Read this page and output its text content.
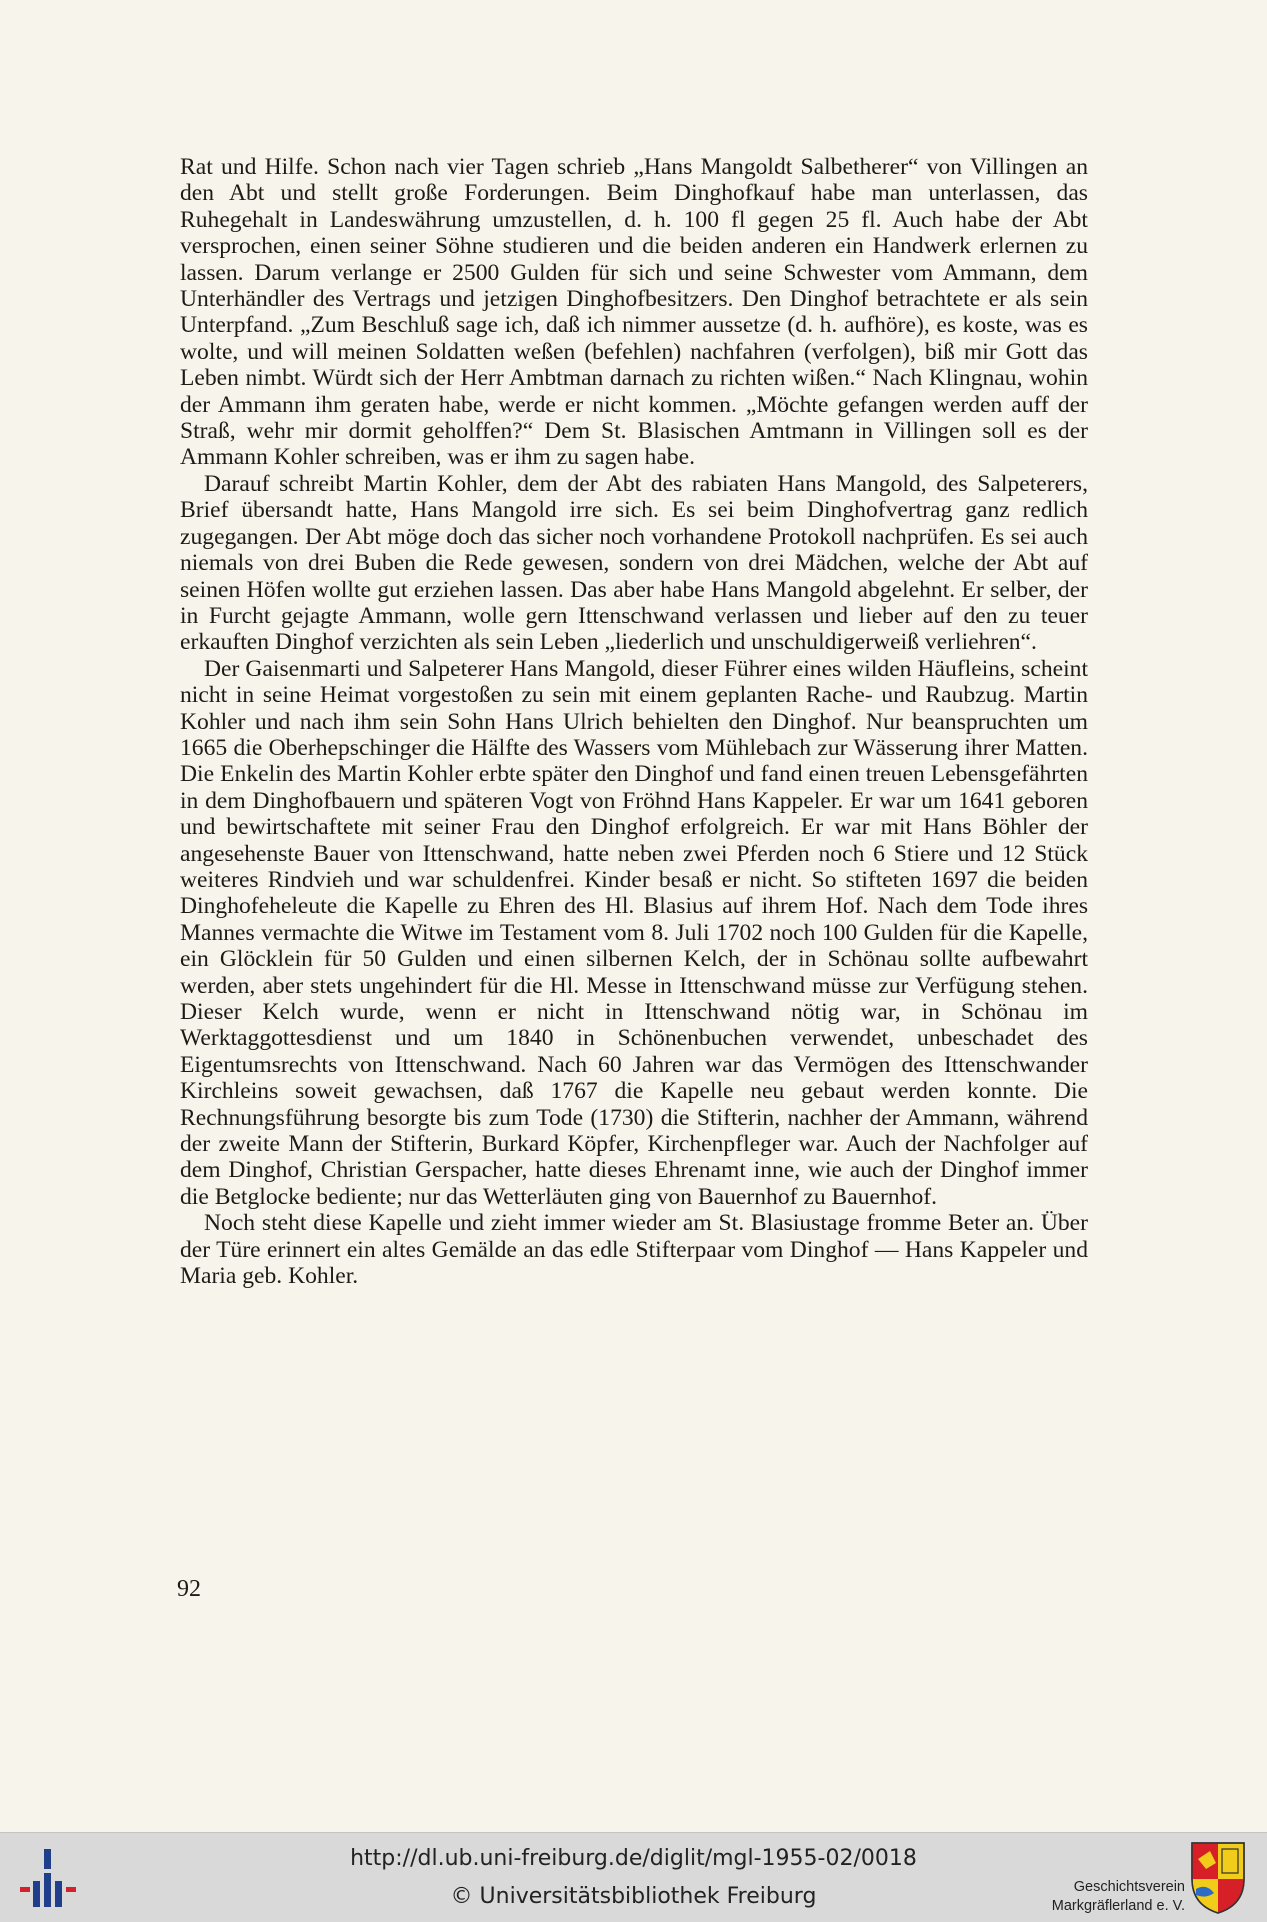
Rat und Hilfe. Schon nach vier Tagen schrieb „Hans Mangoldt Salbetherer“ von Villingen an den Abt und stellt große Forderungen. Beim Dinghofkauf habe man unterlassen, das Ruhegehalt in Landeswährung umzustellen, d. h. 100 fl gegen 25 fl. Auch habe der Abt versprochen, einen seiner Söhne studieren und die beiden anderen ein Handwerk erlernen zu lassen. Darum verlange er 2500 Gulden für sich und seine Schwester vom Ammann, dem Unterhändler des Vertrags und jetzigen Dinghofbesitzers. Den Dinghof betrachtete er als sein Unterpfand. „Zum Beschluß sage ich, daß ich nimmer aussetze (d. h. aufhöre), es koste, was es wolte, und will meinen Soldatten weßen (befehlen) nachfahren (verfolgen), biß mir Gott das Leben nimbt. Würdt sich der Herr Ambtman darnach zu richten wißen.“ Nach Klingnau, wohin der Ammann ihm geraten habe, werde er nicht kommen. „Möchte gefangen werden auff der Straß, wehr mir dormit geholffen?“ Dem St. Blasischen Amtmann in Villingen soll es der Ammann Kohler schreiben, was er ihm zu sagen habe.

Darauf schreibt Martin Kohler, dem der Abt des rabiaten Hans Mangold, des Salpeterers, Brief übersandt hatte, Hans Mangold irre sich. Es sei beim Dinghofvertrag ganz redlich zugegangen. Der Abt möge doch das sicher noch vorhandene Protokoll nachprüfen. Es sei auch niemals von drei Buben die Rede gewesen, sondern von drei Mädchen, welche der Abt auf seinen Höfen wollte gut erziehen lassen. Das aber habe Hans Mangold abgelehnt. Er selber, der in Furcht gejagte Ammann, wolle gern Ittenschwand verlassen und lieber auf den zu teuer erkauften Dinghof verzichten als sein Leben „liederlich und unschuldigerweiß verliehren“.

Der Gaisenmarti und Salpeterer Hans Mangold, dieser Führer eines wilden Häufleins, scheint nicht in seine Heimat vorgestoßen zu sein mit einem geplanten Rache- und Raubzug. Martin Kohler und nach ihm sein Sohn Hans Ulrich behielten den Dinghof. Nur beanspruchten um 1665 die Oberhepschinger die Hälfte des Wassers vom Mühlebach zur Wässerung ihrer Matten. Die Enkelin des Martin Kohler erbte später den Dinghof und fand einen treuen Lebensgefährten in dem Dinghofbauern und späteren Vogt von Fröhnd Hans Kappeler. Er war um 1641 geboren und bewirtschaftete mit seiner Frau den Dinghof erfolgreich. Er war mit Hans Böhler der angesehenste Bauer von Ittenschwand, hatte neben zwei Pferden noch 6 Stiere und 12 Stück weiteres Rindvieh und war schuldenfrei. Kinder besaß er nicht. So stifteten 1697 die beiden Dinghofeheleute die Kapelle zu Ehren des Hl. Blasius auf ihrem Hof. Nach dem Tode ihres Mannes vermachte die Witwe im Testament vom 8. Juli 1702 noch 100 Gulden für die Kapelle, ein Glöcklein für 50 Gulden und einen silbernen Kelch, der in Schönau sollte aufbewahrt werden, aber stets ungehindert für die Hl. Messe in Ittenschwand müsse zur Verfügung stehen. Dieser Kelch wurde, wenn er nicht in Ittenschwand nötig war, in Schönau im Werktaggottesdienst und um 1840 in Schönenbuchen verwendet, unbeschadet des Eigentumsrechts von Ittenschwand. Nach 60 Jahren war das Vermögen des Ittenschwander Kirchleins soweit gewachsen, daß 1767 die Kapelle neu gebaut werden konnte. Die Rechnungsführung besorgte bis zum Tode (1730) die Stifterin, nachher der Ammann, während der zweite Mann der Stifterin, Burkard Köpfer, Kirchenpfleger war. Auch der Nachfolger auf dem Dinghof, Christian Gerspacher, hatte dieses Ehrenamt inne, wie auch der Dinghof immer die Betglocke bediente; nur das Wetterläuten ging von Bauernhof zu Bauernhof.

Noch steht diese Kapelle und zieht immer wieder am St. Blasiustage fromme Beter an. Über der Türe erinnert ein altes Gemälde an das edle Stifterpaar vom Dinghof — Hans Kappeler und Maria geb. Kohler.

92
http://dl.ub.uni-freiburg.de/diglit/mgl-1955-02/0018
© Universitätsbibliothek Freiburg	Geschichtsverein
Markgräflerland e. V.
